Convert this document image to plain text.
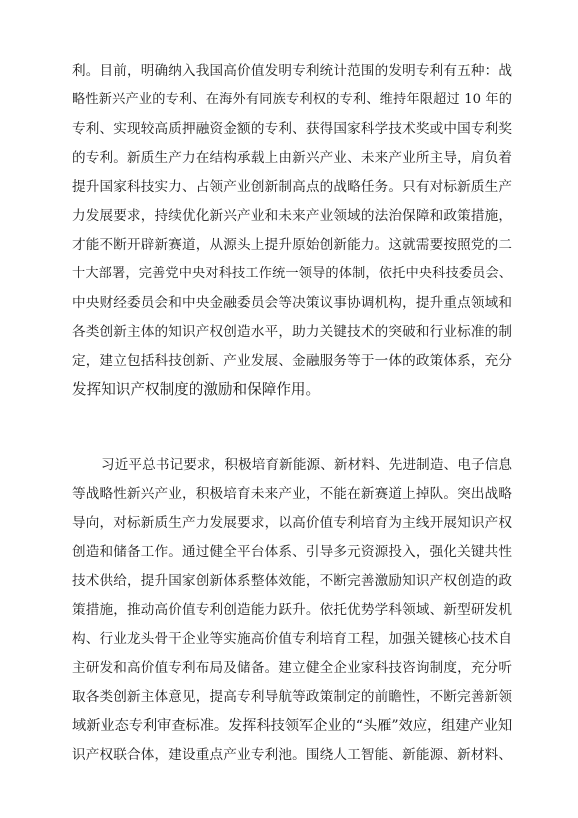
利。目前，明确纳入我国高价值发明专利统计范围的发明专利有五种：战
略性新兴产业的专利、在海外有同族专利权的专利、维持年限超过 10 年的
专利、实现较高质押融资金额的专利、获得国家科学技术奖或中国专利奖
的专利。新质生产力在结构承载上由新兴产业、未来产业所主导，肩负着
提升国家科技实力、占领产业创新制高点的战略任务。只有对标新质生产
力发展要求，持续优化新兴产业和未来产业领域的法治保障和政策措施，
才能不断开辟新赛道，从源头上提升原始创新能力。这就需要按照党的二
十大部署，完善党中央对科技工作统一领导的体制，依托中央科技委员会、
中央财经委员会和中央金融委员会等决策议事协调机构，提升重点领域和
各类创新主体的知识产权创造水平，助力关键技术的突破和行业标准的制
定，建立包括科技创新、产业发展、金融服务等于一体的政策体系，充分
发挥知识产权制度的激励和保障作用。
习近平总书记要求，积极培育新能源、新材料、先进制造、电子信息
等战略性新兴产业，积极培育未来产业，不能在新赛道上掉队。突出战略
导向，对标新质生产力发展要求，以高价值专利培育为主线开展知识产权
创造和储备工作。通过健全平台体系、引导多元资源投入，强化关键共性
技术供给，提升国家创新体系整体效能，不断完善激励知识产权创造的政
策措施，推动高价值专利创造能力跃升。依托优势学科领域、新型研发机
构、行业龙头骨干企业等实施高价值专利培育工程，加强关键核心技术自
主研发和高价值专利布局及储备。建立健全企业家科技咨询制度，充分听
取各类创新主体意见，提高专利导航等政策制定的前瞻性，不断完善新领
域新业态专利审查标准。发挥科技领军企业的“头雁”效应，组建产业知
识产权联合体，建设重点产业专利池。围绕人工智能、新能源、新材料、
